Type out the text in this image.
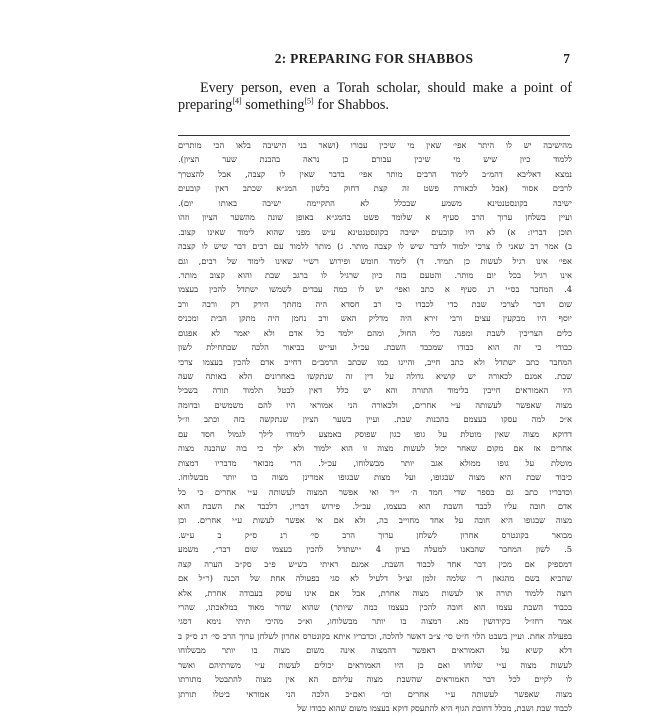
2: PREPARING FOR SHABBOS	7
Every person, even a Torah scholar, should make a point of preparing[4] something[5] for Shabbos.
מהישיבה יש לו היתר אפי׳ שאין מי שיכין עבורו (ושאר בני הישיבה בלאו הכי מותרים
ללמוד כיון שיש מי שיכין עבורם כן נראה בהבנת שער הציון).
נמצא דאליבא דהמ״ב לימוד הרבים מותר אפי׳ בדבר שאין לו קצבה, אבל להצטרך
לרבים אסור (אבל לכאורה פשט זה קצת דחוק בלשון המג״א שכתב דאין קובעים
ישיבה בקונסטנטינא משמע שבכלל לא התקיימה ישיבה באותו יום).
ועיין בשלחן ערוך הרב סעיף א שלומד פשט בהמג״א באופן שונה מהשער הציון וזהו
תוכן דבריו: א) לא היו קובעים ישיבה בקונסטנטינא ע״ש מפני שהוא לימוד שאינו קצוב.
ב) אמר רב שאני לו צרכי ילמוד לדבר שיש לו קצבה מותר. ג) מותר ללמוד עם רבים דבר שיש לו קצבה
אפי׳ אינו רגיל לעשות כן תמיד. ד) לימוד חומש ופירוש רש״י שאינו לימוד של רבים, וגם
אינו רגיל בכל יום מותר. והטעם בזה כיון שרגיל לו ברגב שבת והוא קצוב מותר.
4. המחבר בס״י רנ סעיף א כתב ואפי׳ יש לו כמה עבדים לשמשו ישתדל להכין בעצמו
שום דבר לצרכי שבת כדי לכבדו כי רב חסדא היה מחתך הירק דק ורבה ורב
יוסף היו מבקעין עצים ורבי זירא היה מדליק האש ורב נחמן היה מתקן הבית ומכניס
כלים הצריכין לשבת ומפנה כלי החול, ומהם ילמד כל אדם ולא יאמר לא אפגום
כבודי כי זה הוא כבודו שמכבד השבת. עכ״ל. ועי״ש בביאור הלכה שבתחילת לשון
המחבר כתב ישתדל ולא כתב חייב, והיינו כמו שכתב הרמב״ם דחייב אדם להכין בעצמו צרכי
שבת. אמנם לכאורה יש קושיא גדולה על דין זה שנתקשו באחרונים הלא באותה שעה
היו האמוראים חייבין בלימוד התורה והא יש כלל דאין לבטל תלמוד תורה בשביל
מצוה שאפשר לעשותה ע״י אחרים, ולכאורה הני אמוראי היו להם משמשים ובדומה
א״כ למה עסקו בעצמם בהכנות שבת. ועיין בשער הציון שנתקשה בזה וכתב וז״ל
דדוקא מצוה שאין מוטלת על גופו כגון שפוסק באמצע לימודו לילך לגמול חסד עם
אחרים אז אם מקום שאחר יכול לעשות מצוה זו הוא ילמוד ולא ילך כי בוה שהבנה מצוה
מוטלת על גופו ממולא אגב יותר מבשלוחו, עכ״ל. הרי מבואר מדבריו דמצות
כיבוד שבת היא מצוה שבגופו, ועל מצות שבגופו אמרינן מצוה בו יותר מבשלוחו.
וכדבריו כתב גם בספר שדי חמד ה׳ י״ד ואי אפשר המצוה לעשותה ע״י אחרים כי כל
אדם חובה עליו לכבד השבת הוא בעצמו, עכ״ל. פירוש דבריו, דלכבד את השבת הוא
מצוה שבגופו היא חובה על אחד מחוייב בה, ולא אם אי אפשר לעשות ע״י אחרים. וכן
מבואר בקונטרס אחרון לשלחן ערוך הרב סי׳ רנ ס״ק ב ע״ש.
5. לשון המחבר שהבאנו למעלה בציון 4 ״ישתדל להכין בעצמו שום דבר״, משמע
דמספיק אם מכין דבר אחד לכבוד השבת. אמנם ראיתי בש״ש פ״ב סק״ב הערה קצה
שהביא בשם מהגאון ר׳ שלמה זלמן זצ״ל דלעיל לא סגי בפעולה אחת של הכנה (ר״ל אם
רוצה ללמוד תורה או לעשות מצוה אחרת, אבל אם אינו עוסק בעבודה אחרת, אלא
בכבוד השבת עצמו הוא חובה להכין בעצמו כמה שיותר) שהוא שדור מאוד במלאכתו, שהרי
אמר רחז״ל בקידושין מא. דמצוה בו יותר מבשלוחו, וא״כ מהיכי תיתי נימא דסגי
בפעולה אחת. ועיין בשבט הלוי ח״ט סי׳ צ״ב דאשר להלכה, וכדבריו איתא בקונטרס אחרון לשלחן ערוך הרב סי׳ רנ ס״ק ב
דלא קשיא על האמוראים דאפשר דהמצוה אינה משום מצוה בו יותר מבשלוחו
לעשות מצוה ע״י שלוחו ואם כן היו האמוראים יכולים לעשות ע״י משרתיהם ואשר
לו לקיים לכל דבר האמוראים שהשבת מצוה עליהם הא אין מצוה להתבטל מתורתו
מצוה שאפשר לעשותה ע״י אחרים וכו׳ ואם״כ הלכה הני אמוראי ביטלו תורתן
לכבוד שבת ושבת, מכלל דחובת הגוף היא להתעסק דוקא בעצמו משום שהוא כבודו של
